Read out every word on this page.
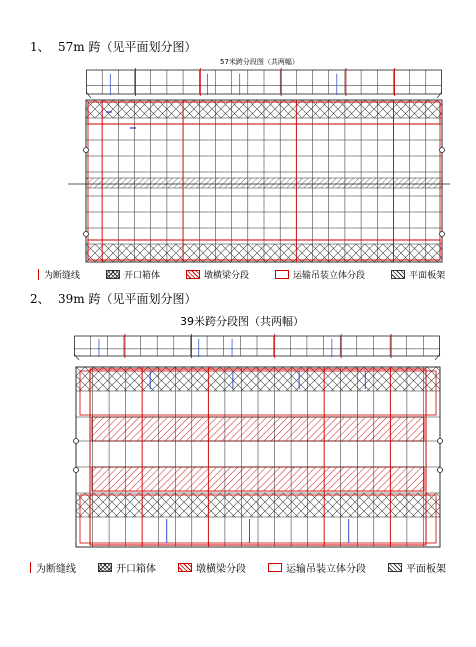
1、 57m 跨（见平面划分图）
57米跨分段图（共两幅）
为断缝线	开口箱体	墩横梁分段	运输吊装立体分段	平面板架
2、 39m 跨（见平面划分图）
39米跨分段图（共两幅）
为断缝线	开口箱体	墩横梁分段	运输吊装立体分段	平面板架
